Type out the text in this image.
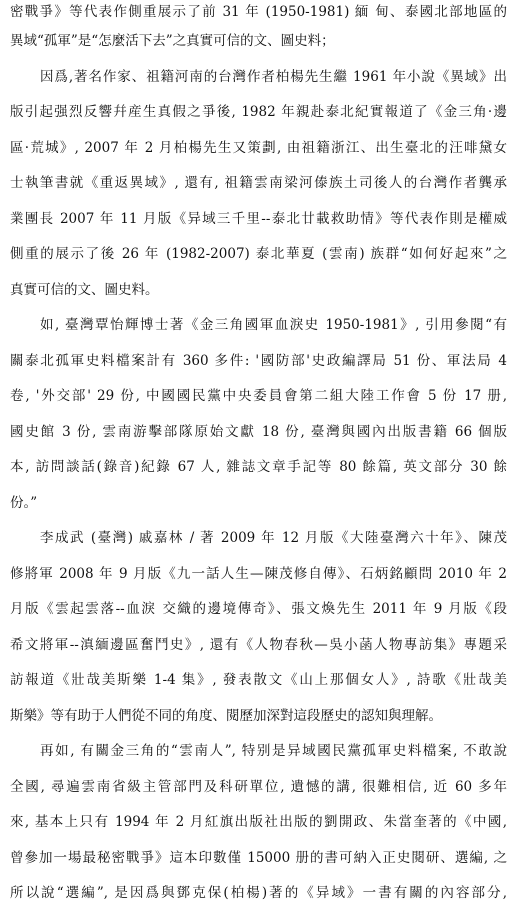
密戰爭》等代表作側重展示了前 31 年 (1950-1981) 緬 甸、泰國北部地區的
異域“孤軍”是“怎麼活下去”之真實可信的文、圖史料；
因爲,著名作家、祖籍河南的台灣作者柏楊先生繼 1961 年小說《異域》出
版引起强烈反響幷産生真假之爭後, 1982 年親赴泰北紀實報道了《金三角·邊
區·荒城》, 2007 年 2 月柏楊先生又策劃, 由祖籍浙江、出生臺北的汪啡黛女
士執筆書就《重返異域》, 還有, 祖籍雲南梁河傣族土司後人的台灣作者龔承
業團長 2007 年 11 月版《异域三千里--泰北廿載救助情》等代表作則是權威
側重的展示了後 26 年 (1982-2007) 泰北華夏 (雲南) 族群“如何好起來”之
真實可信的文、圖史料。
如, 臺灣覃怡輝博士著《金三角國軍血淚史 1950-1981》, 引用參閱“有
關泰北孤軍史料檔案計有 360 多件: '國防部'史政編譯局 51 份、軍法局 4
卷, '外交部' 29 份, 中國國民黨中央委員會第二組大陸工作會 5 份 17 册,
國史館 3 份, 雲南游擊部隊原始文獻 18 份, 臺灣與國內出版書籍 66 個版
本, 訪問談話(錄音)紀錄 67 人, 雜誌文章手記等 80 餘篇, 英文部分 30 餘
份。”
李成武 (臺灣) 戚嘉林 / 著 2009 年 12 月版《大陸臺灣六十年》、陳茂
修將軍 2008 年 9 月版《九一話人生—陳茂修自傳》、石炳銘顧問 2010 年 2
月版《雲起雲落--血淚 交織的邊境傳奇》、張文煥先生 2011 年 9 月版《段
希文將軍--滇緬邊區奮鬥史》, 還有《人物春秋—吳小菡人物專訪集》專題采
訪報道《壯哉美斯樂 1-4 集》, 發表散文《山上那個女人》, 詩歌《壯哉美
斯樂》等有助于人們從不同的角度、閱歷加深對這段歷史的認知與理解。
再如, 有關金三角的“雲南人”, 特别是异域國民黨孤軍史料檔案, 不敢說
全國, 尋遍雲南省級主管部門及科研單位, 遺憾的講, 很難相信, 近 60 多年
來, 基本上只有 1994 年 2 月紅旗出版社出版的劉開政、朱當奎著的《中國,
曾參加一場最秘密戰爭》這本印數僅 15000 册的書可納入正史閱研、選編, 之
所以說“選編”, 是因爲與鄧克保(柏楊)著的《异域》一書有關的內容部分,
